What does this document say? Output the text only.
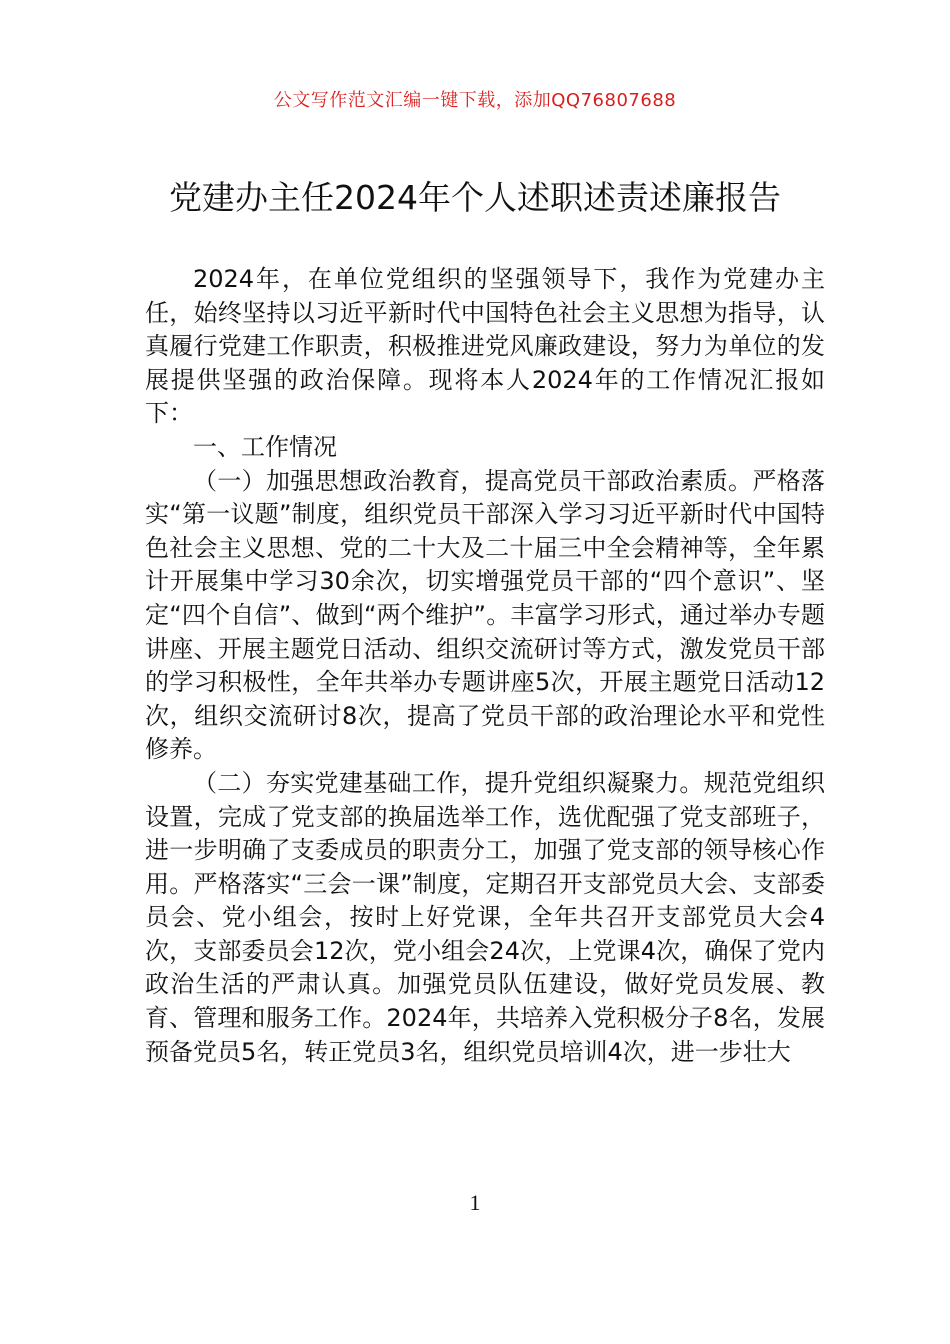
公文写作范文汇编一键下载，添加QQ76807688
党建办主任2024年个人述职述责述廉报告

2024年，在单位党组织的坚强领导下，我作为党建办主任，始终坚持以习近平新时代中国特色社会主义思想为指导，认真履行党建工作职责，积极推进党风廉政建设，努力为单位的发展提供坚强的政治保障。现将本人2024年的工作情况汇报如下：

一、工作情况

（一）加强思想政治教育，提高党员干部政治素质。严格落实“第一议题”制度，组织党员干部深入学习习近平新时代中国特色社会主义思想、党的二十大及二十届三中全会精神等，全年累计开展集中学习30余次，切实增强党员干部的“四个意识”、坚定“四个自信”、做到“两个维护”。丰富学习形式，通过举办专题讲座、开展主题党日活动、组织交流研讨等方式，激发党员干部的学习积极性，全年共举办专题讲座5次，开展主题党日活动12次，组织交流研讨8次，提高了党员干部的政治理论水平和党性修养。

（二）夯实党建基础工作，提升党组织凝聚力。规范党组织设置，完成了党支部的换届选举工作，选优配强了党支部班子，进一步明确了支委成员的职责分工，加强了党支部的领导核心作用。严格落实“三会一课”制度，定期召开支部党员大会、支部委员会、党小组会，按时上好党课，全年共召开支部党员大会4次，支部委员会12次，党小组会24次，上党课4次，确保了党内政治生活的严肃认真。加强党员队伍建设，做好党员发展、教育、管理和服务工作。2024年，共培养入党积极分子8名，发展预备党员5名，转正党员3名，组织党员培训4次，进一步壮大

1
